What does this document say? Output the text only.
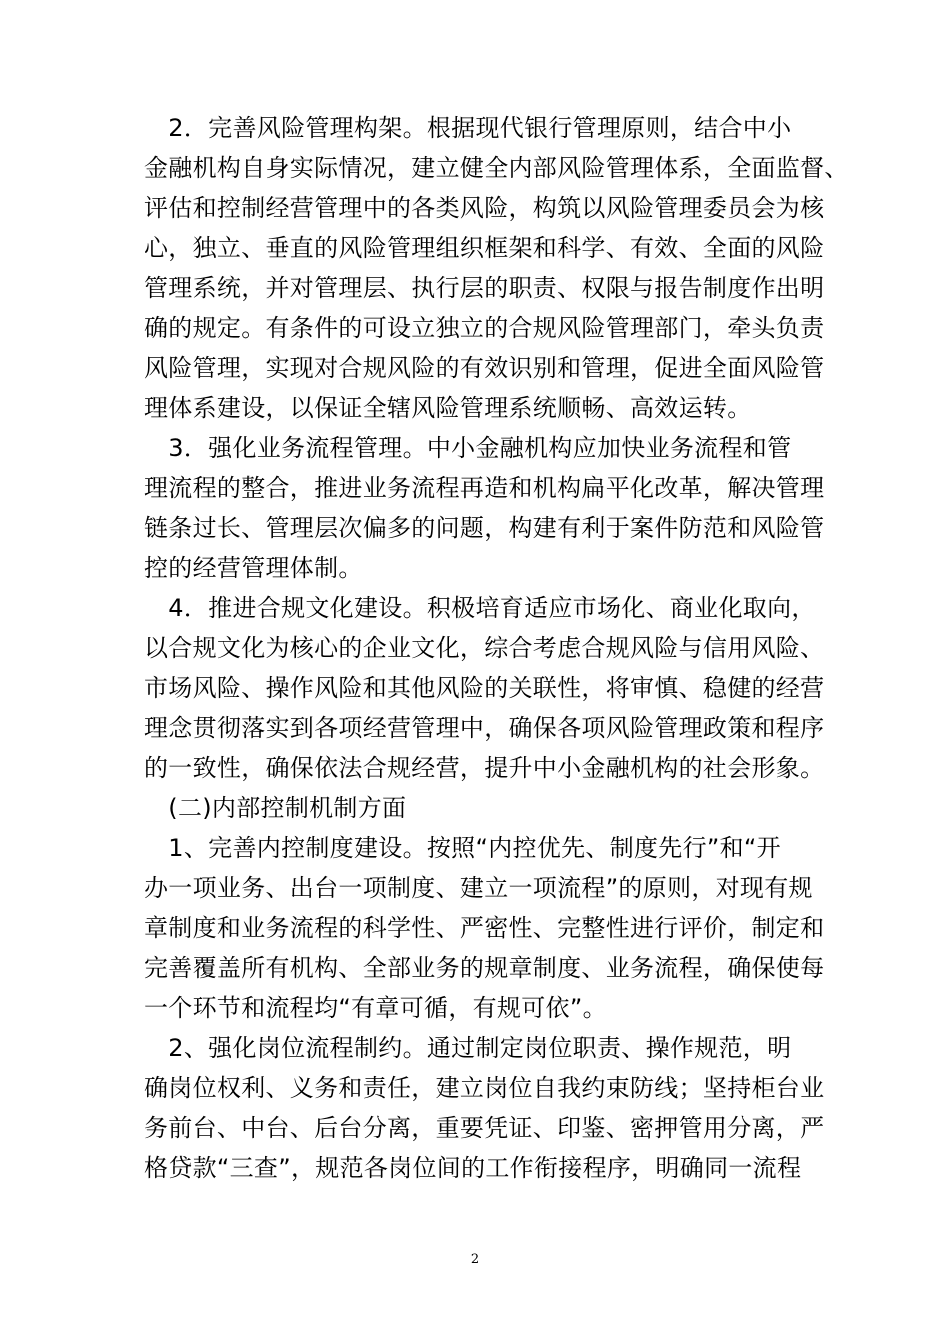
　2．完善风险管理构架。根据现代银行管理原则，结合中小
金融机构自身实际情况，建立健全内部风险管理体系，全面监督、
评估和控制经营管理中的各类风险，构筑以风险管理委员会为核
心，独立、垂直的风险管理组织框架和科学、有效、全面的风险
管理系统，并对管理层、执行层的职责、权限与报告制度作出明
确的规定。有条件的可设立独立的合规风险管理部门，牵头负责
风险管理，实现对合规风险的有效识别和管理，促进全面风险管
理体系建设，以保证全辖风险管理系统顺畅、高效运转。
　3．强化业务流程管理。中小金融机构应加快业务流程和管
理流程的整合，推进业务流程再造和机构扁平化改革，解决管理
链条过长、管理层次偏多的问题，构建有利于案件防范和风险管
控的经营管理体制。
　4．推进合规文化建设。积极培育适应市场化、商业化取向，
以合规文化为核心的企业文化，综合考虑合规风险与信用风险、
市场风险、操作风险和其他风险的关联性，将审慎、稳健的经营
理念贯彻落实到各项经营管理中，确保各项风险管理政策和程序
的一致性，确保依法合规经营，提升中小金融机构的社会形象。
　(二)内部控制机制方面
　1、完善内控制度建设。按照“内控优先、制度先行”和“开
办一项业务、出台一项制度、建立一项流程”的原则，对现有规
章制度和业务流程的科学性、严密性、完整性进行评价，制定和
完善覆盖所有机构、全部业务的规章制度、业务流程，确保使每
一个环节和流程均“有章可循，有规可依”。
　2、强化岗位流程制约。通过制定岗位职责、操作规范，明
确岗位权利、义务和责任，建立岗位自我约束防线；坚持柜台业
务前台、中台、后台分离，重要凭证、印鉴、密押管用分离，严
格贷款“三查”，规范各岗位间的工作衔接程序，明确同一流程
2
